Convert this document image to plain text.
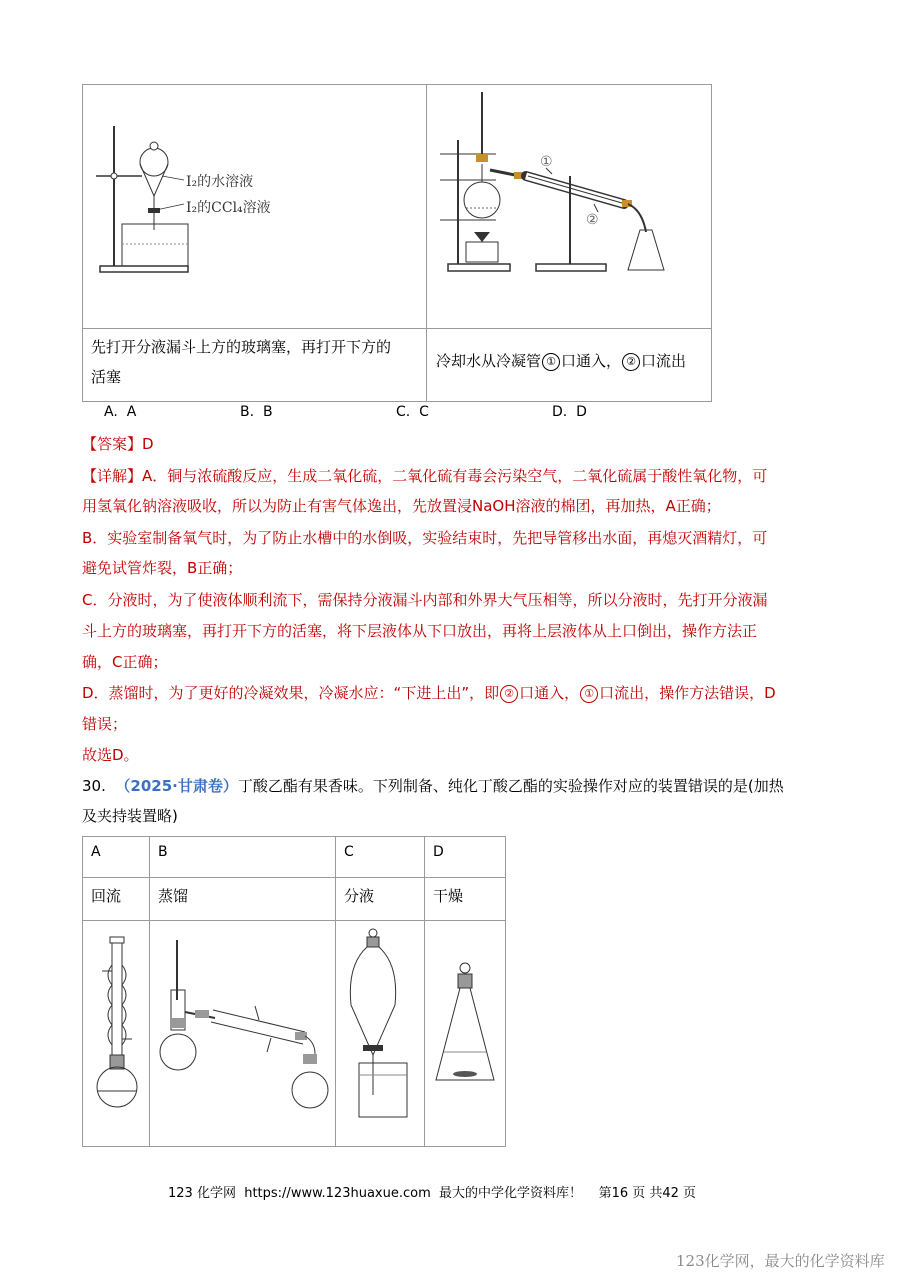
I₂的水溶液
I₂的CCl₄溶液
①
②
先打开分液漏斗上方的玻璃塞，再打开下方的
活塞
冷却水从冷凝管 ① 口通入， ② 口流出
A. A	B. B	C. C	D. D
【答案】D
【详解】A．铜与浓硫酸反应，生成二氧化硫，二氧化硫有毒会污染空气，二氧化硫属于酸性氧化物，可
用氢氧化钠溶液吸收，所以为防止有害气体逸出，先放置浸NaOH溶液的棉团，再加热，A正确；
B．实验室制备氧气时，为了防止水槽中的水倒吸，实验结束时，先把导管移出水面，再熄灭酒精灯，可
避免试管炸裂，B正确；
C．分液时，为了使液体顺利流下，需保持分液漏斗内部和外界大气压相等，所以分液时，先打开分液漏
斗上方的玻璃塞，再打开下方的活塞，将下层液体从下口放出，再将上层液体从上口倒出，操作方法正
确，C正确；
D．蒸馏时，为了更好的冷凝效果，冷凝水应：“下进上出”，即 ② 口通入， ① 口流出，操作方法错误，D
错误；
故选D。
30. （2025·甘肃卷）丁酸乙酯有果香味。下列制备、纯化丁酸乙酯的实验操作对应的装置错误的是(加热
及夹持装置略)
A	B	C	D
回流 蒸馏	分液	干燥
123 化学网 https://www.123huaxue.com 最大的中学化学资料库！ 第16 页 共42 页
123化学网，最大的化学资料库
